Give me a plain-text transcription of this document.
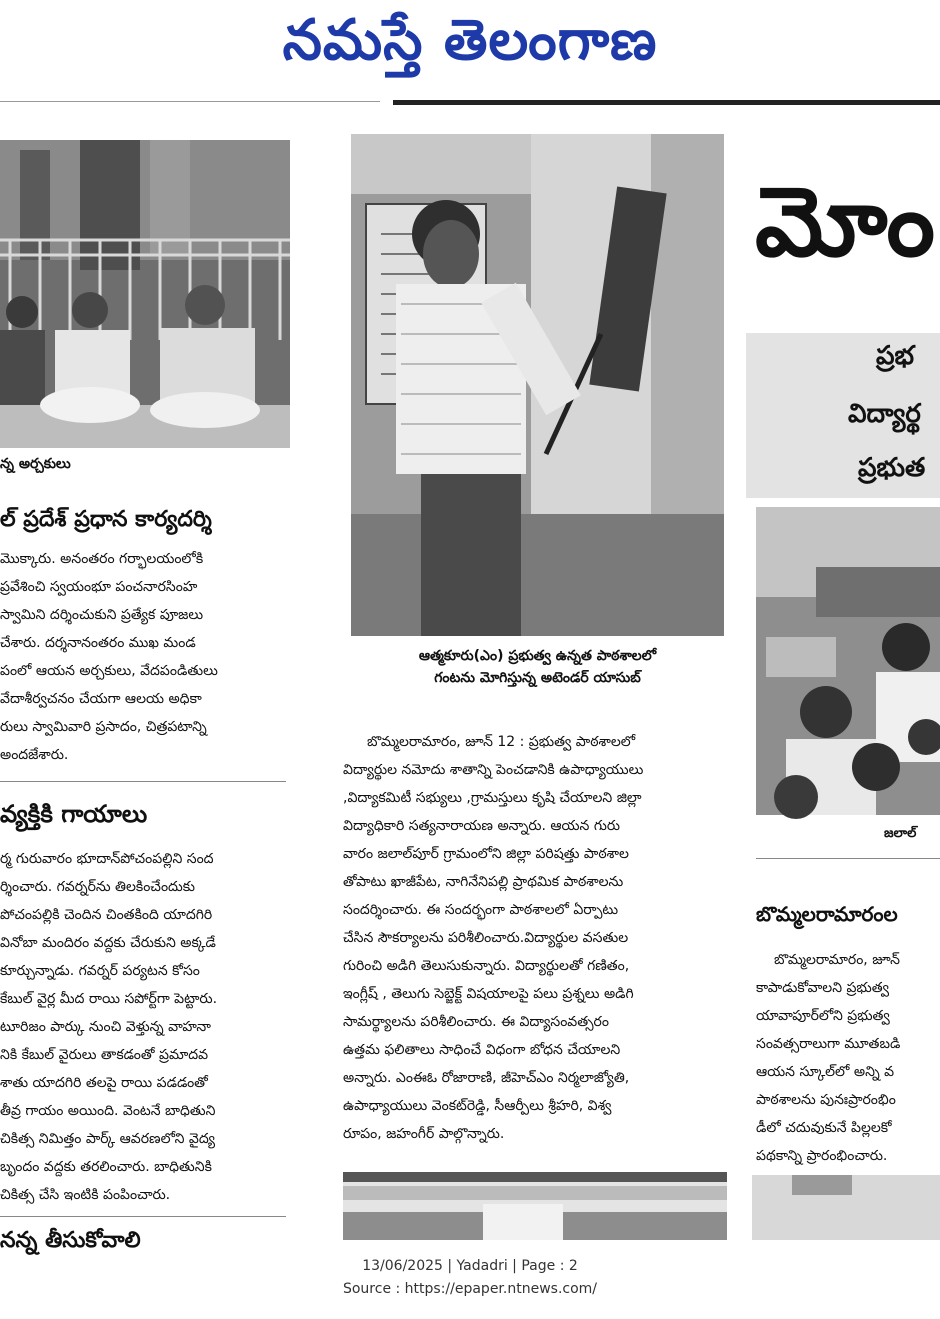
నమస్తే తెలంగాణ
న్న అర్చకులు
ల్ ప్రదేశ్ ప్రధాన కార్యదర్శి

మొక్కారు. అనంతరం గర్భాలయంలోకి

ప్రవేశించి స్వయంభూ పంచనారసింహ

స్వామిని దర్శించుకుని ప్రత్యేక పూజలు

చేశారు. దర్శనానంతరం ముఖ మండ

పంలో ఆయన అర్చకులు, వేదపండితులు

వేదాశీర్వచనం చేయగా ఆలయ అధికా

రులు స్వామివారి ప్రసాదం, చిత్రపటాన్ని

అందజేశారు.

వ్యక్తికి గాయాలు

ర్మ గురువారం భూదాన్‌పోచంపల్లిని సంద

ర్శించారు. గవర్నర్‌ను తిలకించేందుకు

పోచంపల్లికి చెందిన చింతకింది యాదగిరి

వినోబా మందిరం వద్దకు చేరుకుని అక్కడే

కూర్చున్నాడు. గవర్నర్ పర్యటన కోసం

కేబుల్ వైర్ల మీద రాయి సపోర్ట్‌గా పెట్టారు.

టూరిజం పార్కు నుంచి వెళ్తున్న వాహనా

నికి కేబుల్ వైరులు తాకడంతో ప్రమాదవ

శాతు యాదగిరి తలపై రాయి పడడంతో

తీవ్ర గాయం అయింది. వెంటనే బాధితుని

చికిత్స నిమిత్తం పార్క్ ఆవరణలోని వైద్య

బృందం వద్దకు తరలించారు. బాధితునికి

చికిత్స చేసి ఇంటికి పంపించారు.

నన్న తీసుకోవాలి
ఆత్మకూరు(ఎం) ప్రభుత్వ ఉన్నత పాఠశాలలో
గంటను మోగిస్తున్న అటెండర్ యాసుబ్

బొమ్మలరామారం, జూన్ 12 : ప్రభుత్వ పాఠశాలలో

విద్యార్థుల నమోదు శాతాన్ని పెంచడానికి ఉపాధ్యాయులు

,విద్యాకమిటీ సభ్యులు ,గ్రామస్తులు కృషి చేయాలని జిల్లా

విద్యాధికారి సత్యనారాయణ అన్నారు. ఆయన గురు

వారం జలాల్‌పూర్ గ్రామంలోని జిల్లా పరిషత్తు పాఠశాల

తోపాటు ఖాజీపేట, నాగినేనిపల్లి ప్రాథమిక పాఠశాలను

సందర్శించారు. ఈ సందర్భంగా పాఠశాలలో ఏర్పాటు

చేసిన సౌకర్యాలను పరిశీలించారు.విద్యార్థుల వసతుల

గురించి అడిగి తెలుసుకున్నారు. విద్యార్థులతో గణితం,

ఇంగ్లీష్ , తెలుగు సెబ్జెక్ట్ విషయాలపై పలు ప్రశ్నలు అడిగి

సామర్థ్యాలను పరిశీలించారు. ఈ విద్యాసంవత్సరం

ఉత్తమ ఫలితాలు సాధించే విధంగా బోధన చేయాలని

అన్నారు. ఎంఈఓ రోజారాణి, జీహెచ్ఎం నిర్మలాజ్యోతి,

ఉపాధ్యాయులు వెంకట్‌రెడ్డి, సీఆర్పీలు శ్రీహరి, విశ్వ

రూపం, జహంగీర్ పాల్గొన్నారు.

మోం
ప్రభ
విద్యార్థ
ప్రభుత
జలాల్‌
బొమ్మలరామారంల

బొమ్మలరామారం, జూన్

కాపాడుకోవాలని ప్రభుత్వ

యావాపూర్‌లోని ప్రభుత్వ

సంవత్సరాలుగా మూతబడి

ఆయన స్కూల్‌లో అన్ని వ

పాఠశాలను పునఃప్రారంభిం

డీలో చదువుకునే పిల్లలకో

పథకాన్ని ప్రారంభించారు.

13/06/2025 | Yadadri | Page : 2
Source : https://epaper.ntnews.com/
